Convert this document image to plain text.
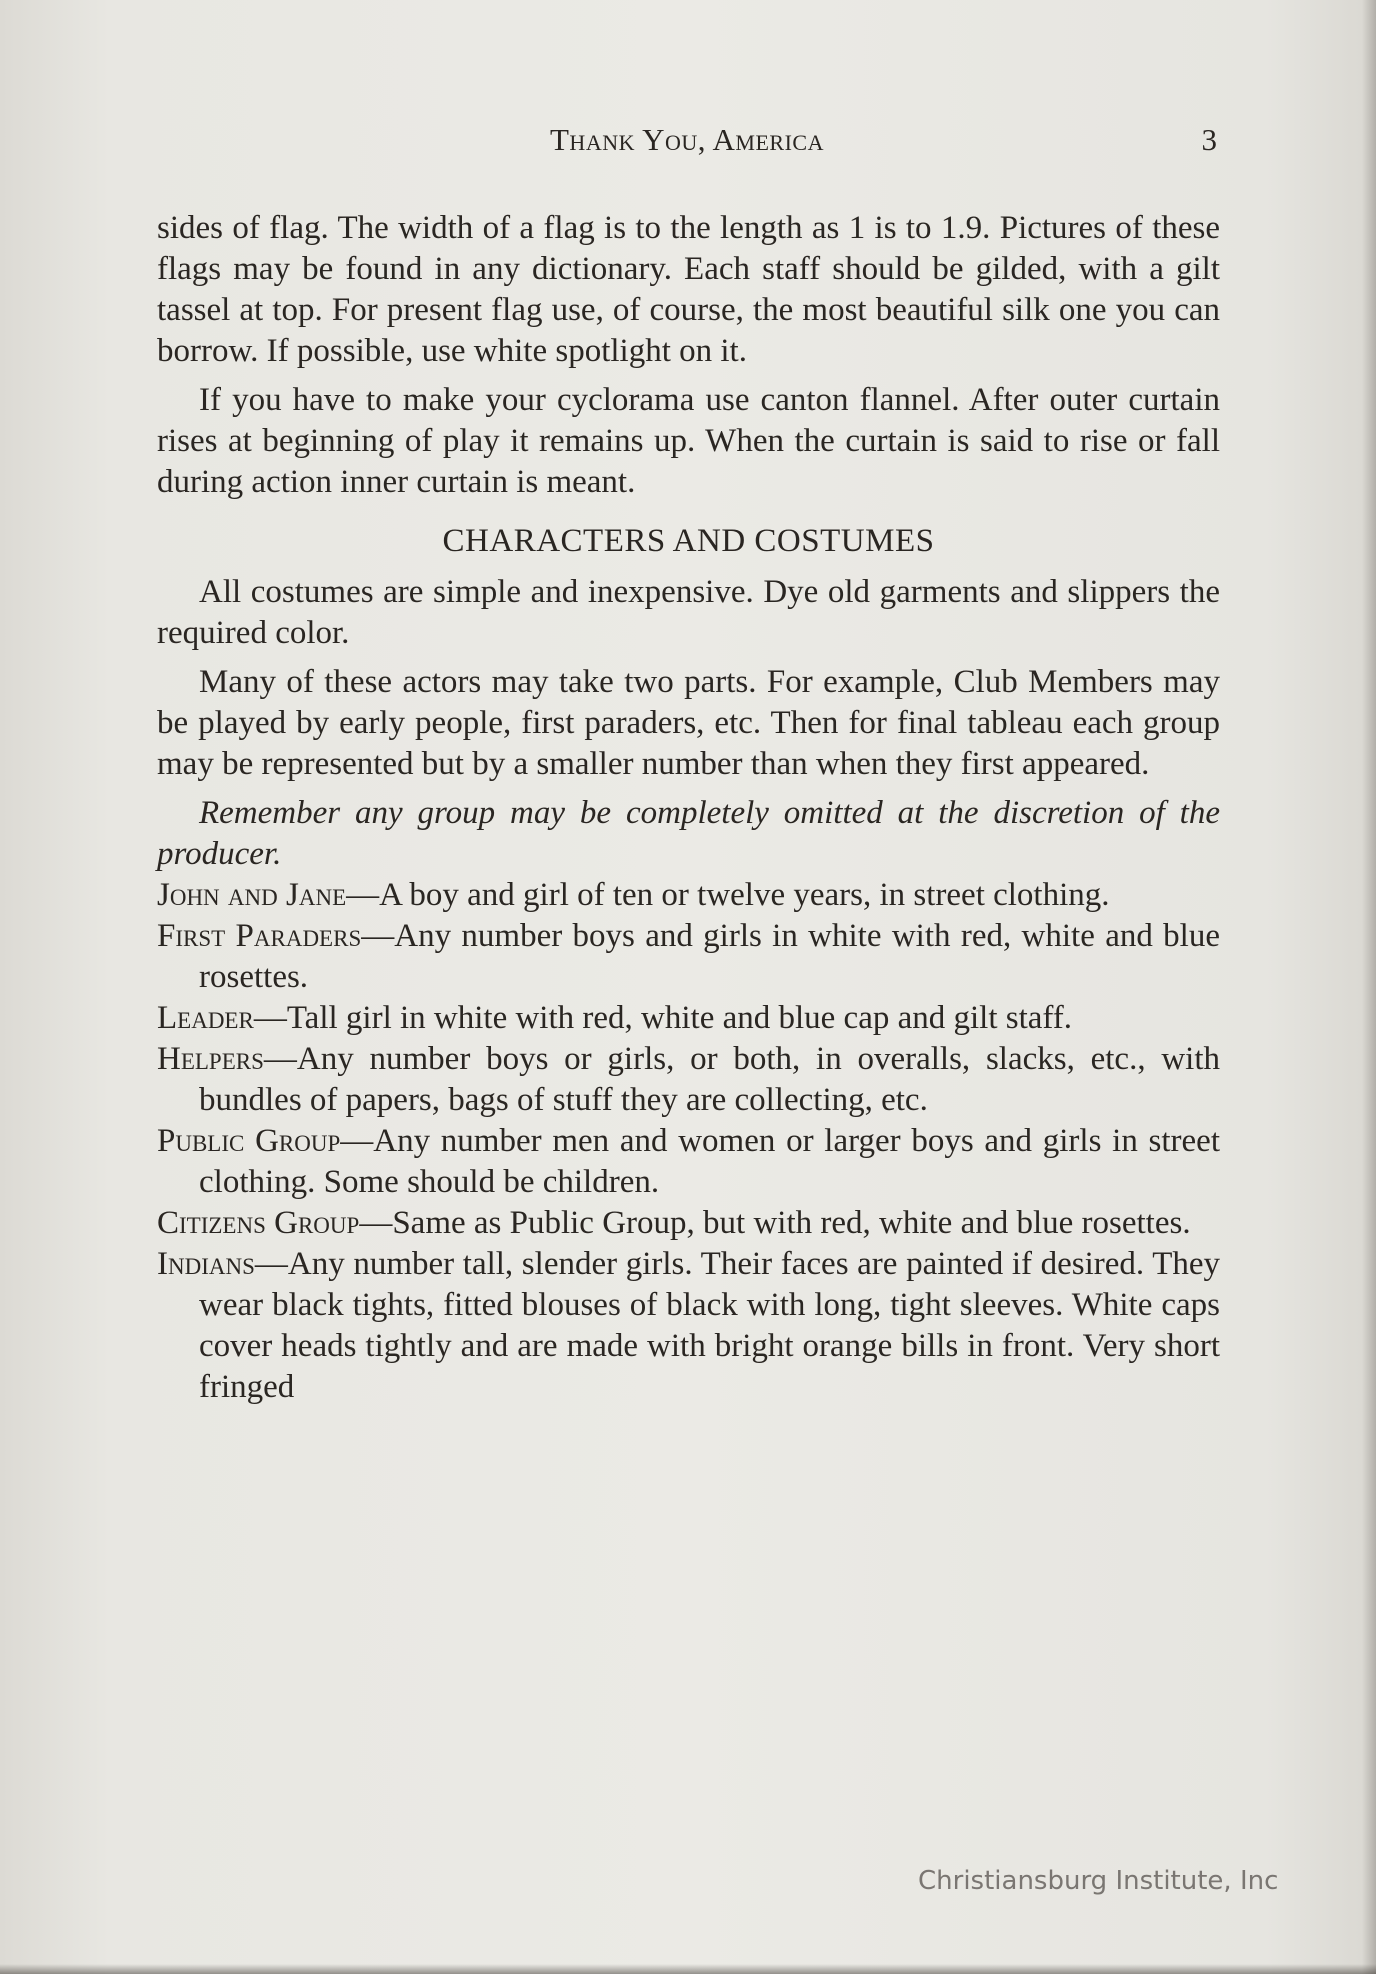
Thank You, America	3

sides of flag. The width of a flag is to the length as 1 is to 1.9. Pictures of these flags may be found in any dictionary. Each staff should be gilded, with a gilt tassel at top. For present flag use, of course, the most beautiful silk one you can borrow. If possible, use white spotlight on it.

If you have to make your cyclorama use canton flannel. After outer curtain rises at beginning of play it remains up. When the curtain is said to rise or fall during action inner curtain is meant.

CHARACTERS AND COSTUMES

All costumes are simple and inexpensive. Dye old garments and slippers the required color.

Many of these actors may take two parts. For example, Club Members may be played by early people, first paraders, etc. Then for final tableau each group may be represented but by a smaller number than when they first appeared.

Remember any group may be completely omitted at the discretion of the producer.

John and Jane—A boy and girl of ten or twelve years, in street clothing.

First Paraders—Any number boys and girls in white with red, white and blue rosettes.

Leader—Tall girl in white with red, white and blue cap and gilt staff.

Helpers—Any number boys or girls, or both, in overalls, slacks, etc., with bundles of papers, bags of stuff they are collecting, etc.

Public Group—Any number men and women or larger boys and girls in street clothing. Some should be children.

Citizens Group—Same as Public Group, but with red, white and blue rosettes.

Indians—Any number tall, slender girls. Their faces are painted if desired. They wear black tights, fitted blouses of black with long, tight sleeves. White caps cover heads tightly and are made with bright orange bills in front. Very short fringed

Christiansburg Institute, Inc
